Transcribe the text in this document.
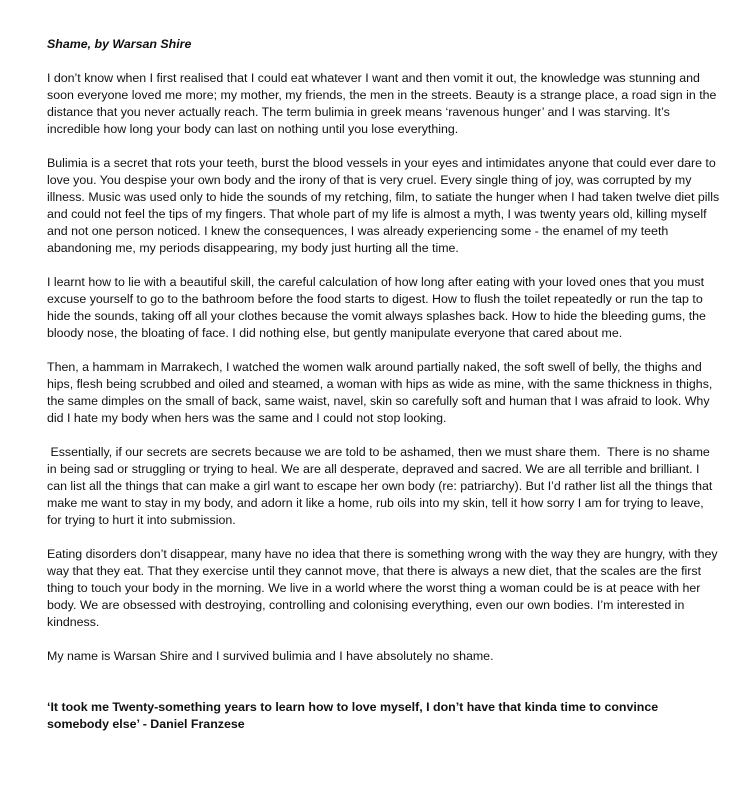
Shame, by Warsan Shire

I don’t know when I first realised that I could eat whatever I want and then vomit it out, the knowledge was stunning and soon everyone loved me more; my mother, my friends, the men in the streets. Beauty is a strange place, a road sign in the distance that you never actually reach. The term bulimia in greek means ‘ravenous hunger’ and I was starving. It’s incredible how long your body can last on nothing until you lose everything.

Bulimia is a secret that rots your teeth, burst the blood vessels in your eyes and intimidates anyone that could ever dare to love you. You despise your own body and the irony of that is very cruel. Every single thing of joy, was corrupted by my illness. Music was used only to hide the sounds of my retching, film, to satiate the hunger when I had taken twelve diet pills and could not feel the tips of my fingers. That whole part of my life is almost a myth, I was twenty years old, killing myself and not one person noticed. I knew the consequences, I was already experiencing some - the enamel of my teeth abandoning me, my periods disappearing, my body just hurting all the time.

I learnt how to lie with a beautiful skill, the careful calculation of how long after eating with your loved ones that you must excuse yourself to go to the bathroom before the food starts to digest. How to flush the toilet repeatedly or run the tap to hide the sounds, taking off all your clothes because the vomit always splashes back. How to hide the bleeding gums, the bloody nose, the bloating of face. I did nothing else, but gently manipulate everyone that cared about me.

Then, a hammam in Marrakech, I watched the women walk around partially naked, the soft swell of belly, the thighs and hips, flesh being scrubbed and oiled and steamed, a woman with hips as wide as mine, with the same thickness in thighs, the same dimples on the small of back, same waist, navel, skin so carefully soft and human that I was afraid to look. Why did I hate my body when hers was the same and I could not stop looking.

Essentially, if our secrets are secrets because we are told to be ashamed, then we must share them.  There is no shame in being sad or struggling or trying to heal. We are all desperate, depraved and sacred. We are all terrible and brilliant. I can list all the things that can make a girl want to escape her own body (re: patriarchy). But I’d rather list all the things that make me want to stay in my body, and adorn it like a home, rub oils into my skin, tell it how sorry I am for trying to leave, for trying to hurt it into submission.

Eating disorders don’t disappear, many have no idea that there is something wrong with the way they are hungry, with they way that they eat. That they exercise until they cannot move, that there is always a new diet, that the scales are the first thing to touch your body in the morning. We live in a world where the worst thing a woman could be is at peace with her body. We are obsessed with destroying, controlling and colonising everything, even our own bodies. I’m interested in kindness.

My name is Warsan Shire and I survived bulimia and I have absolutely no shame.

‘It took me Twenty-something years to learn how to love myself, I don’t have that kinda time to convince somebody else’ - Daniel Franzese
